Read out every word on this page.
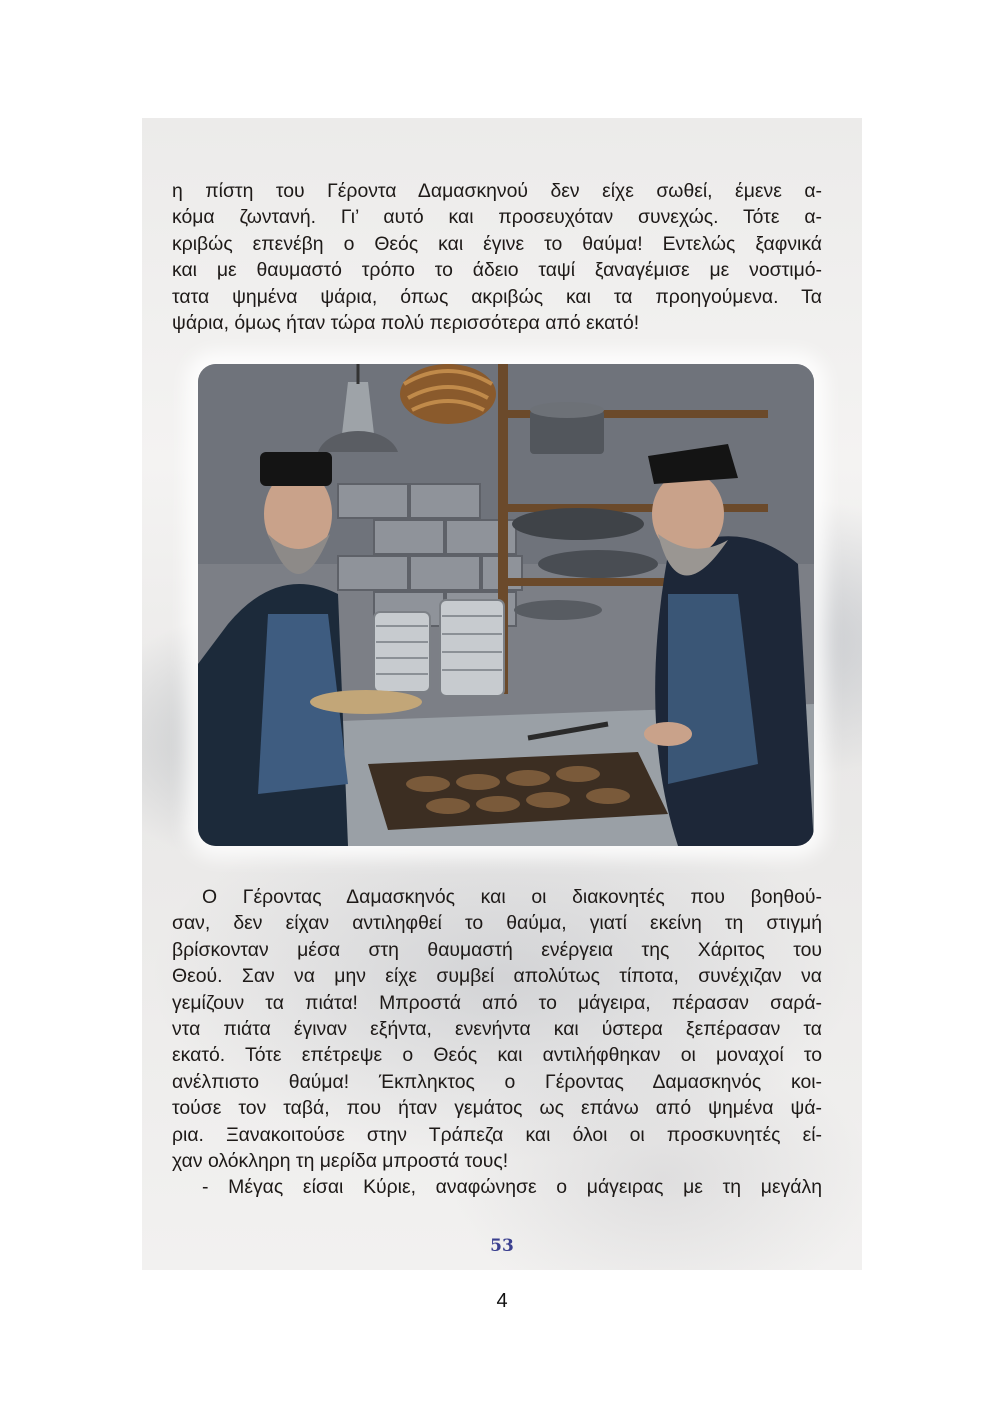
η πίστη του Γέροντα Δαμασκηνού δεν είχε σωθεί, έμενε α-
κόμα ζωντανή. Γι’ αυτό και προσευχόταν συνεχώς. Τότε α-
κριβώς επενέβη ο Θεός και έγινε το θαύμα! Εντελώς ξαφνικά
και με θαυμαστό τρόπο το άδειο ταψί ξαναγέμισε με νοστιμό-
τατα ψημένα ψάρια, όπως ακριβώς και τα προηγούμενα. Τα
ψάρια, όμως ήταν τώρα πολύ περισσότερα από εκατό!
Ο Γέροντας Δαμασκηνός και οι διακονητές που βοηθού-
σαν, δεν είχαν αντιληφθεί το θαύμα, γιατί εκείνη τη στιγμή
βρίσκονταν μέσα στη θαυμαστή ενέργεια της Χάριτος του
Θεού. Σαν να μην είχε συμβεί απολύτως τίποτα, συνέχιζαν να
γεμίζουν τα πιάτα! Μπροστά από το μάγειρα, πέρασαν σαρά-
ντα πιάτα έγιναν εξήντα, ενενήντα και ύστερα ξεπέρασαν τα
εκατό. Τότε επέτρεψε ο Θεός και αντιλήφθηκαν οι μοναχοί το
ανέλπιστο θαύμα! Έκπληκτος ο Γέροντας Δαμασκηνός κοι-
τούσε τον ταβά, που ήταν γεμάτος ως επάνω από ψημένα ψά-
ρια. Ξανακοιτούσε στην Τράπεζα και όλοι οι προσκυνητές εί-
χαν ολόκληρη τη μερίδα μπροστά τους!
- Μέγας είσαι Κύριε, αναφώνησε ο μάγειρας με τη μεγάλη
53
4
